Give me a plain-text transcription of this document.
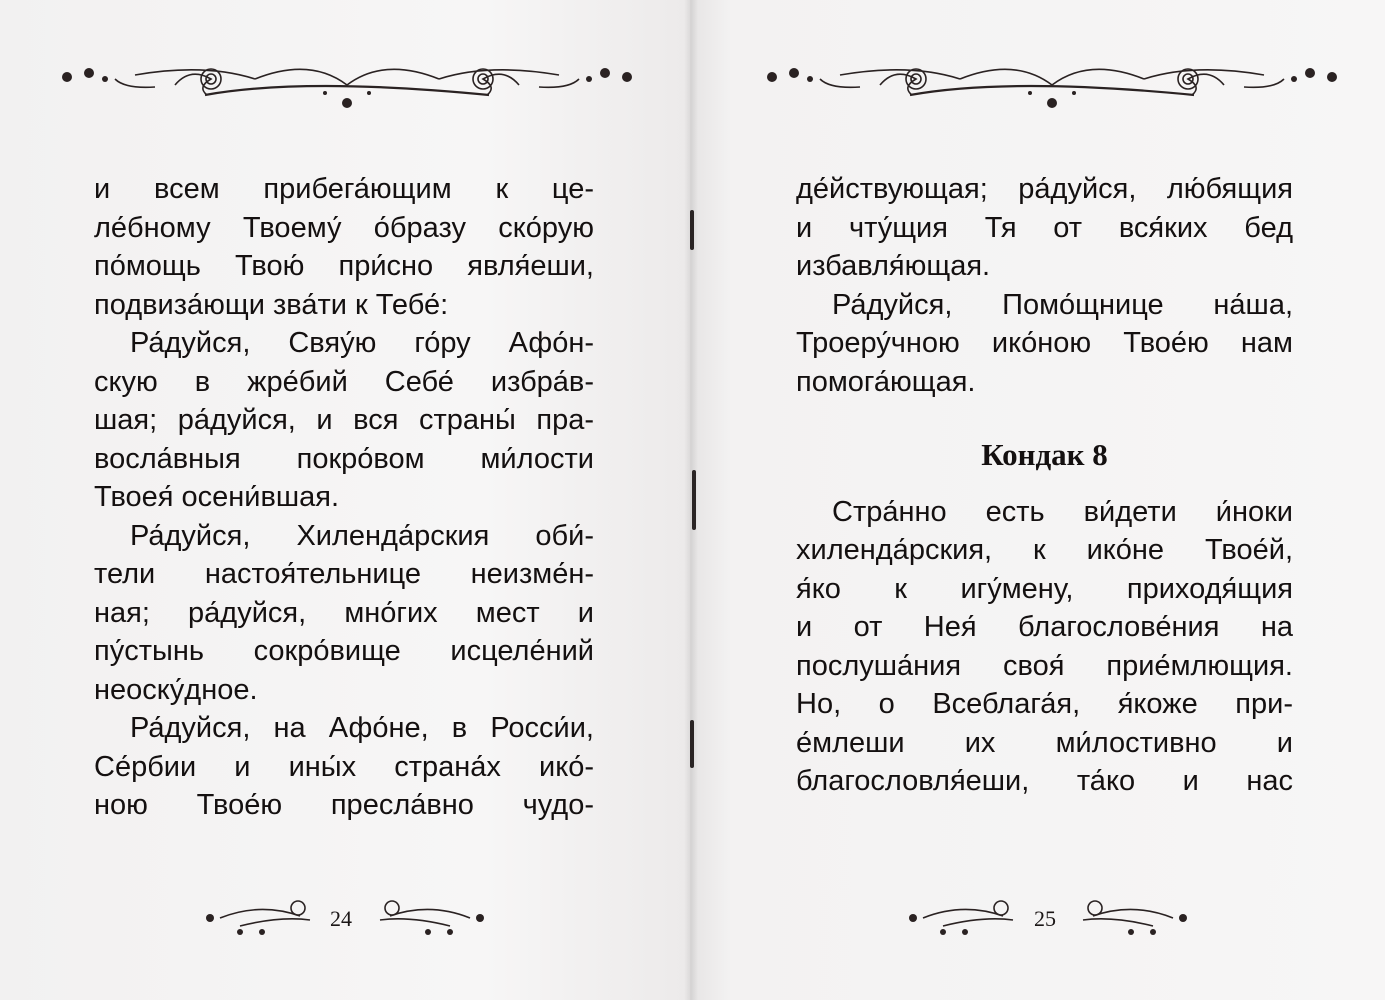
и всем прибега́ющим к це-
ле́бному Твоему́ о́бразу ско́рую
по́мощь Твою́ при́сно явля́еши,
подвиза́ющи зва́ти к Тебе́:
Ра́дуйся, Свяу́ю го́ру Афо́н-
скую в жре́бий Себе́ избра́в-
шая; ра́дуйся, и вся страны́ пра-
восла́вныя покро́вом ми́лости
Твоея́ осени́вшая.
Ра́дуйся, Хиленда́рския оби́-
тели настоя́тельнице неизме́н-
ная; ра́дуйся, мно́гих мест и
пу́стынь сокро́вище исцеле́ний
неоску́дное.
Ра́дуйся, на Афо́не, в Росси́и,
Се́рбии и ины́х страна́х ико́-
ною Твое́ю пресла́вно чудо-
24
де́йствующая; ра́дуйся, лю́бящия
и чту́щия Тя от вся́ких бед
избавля́ющая.
Ра́дуйся, Помо́щнице на́ша,
Троеру́чною ико́ною Твое́ю нам
помога́ющая.
Кондак 8
Стра́нно есть ви́дети и́ноки
хиленда́рския, к ико́не Твое́й,
я́ко к игу́мену, приходя́щия
и от Нея́ благослове́ния на
послуша́ния своя́ прие́млющия.
Но, о Всеблага́я, я́коже при-
е́млеши их ми́лостивно и
благословля́еши, та́ко и нас
25
